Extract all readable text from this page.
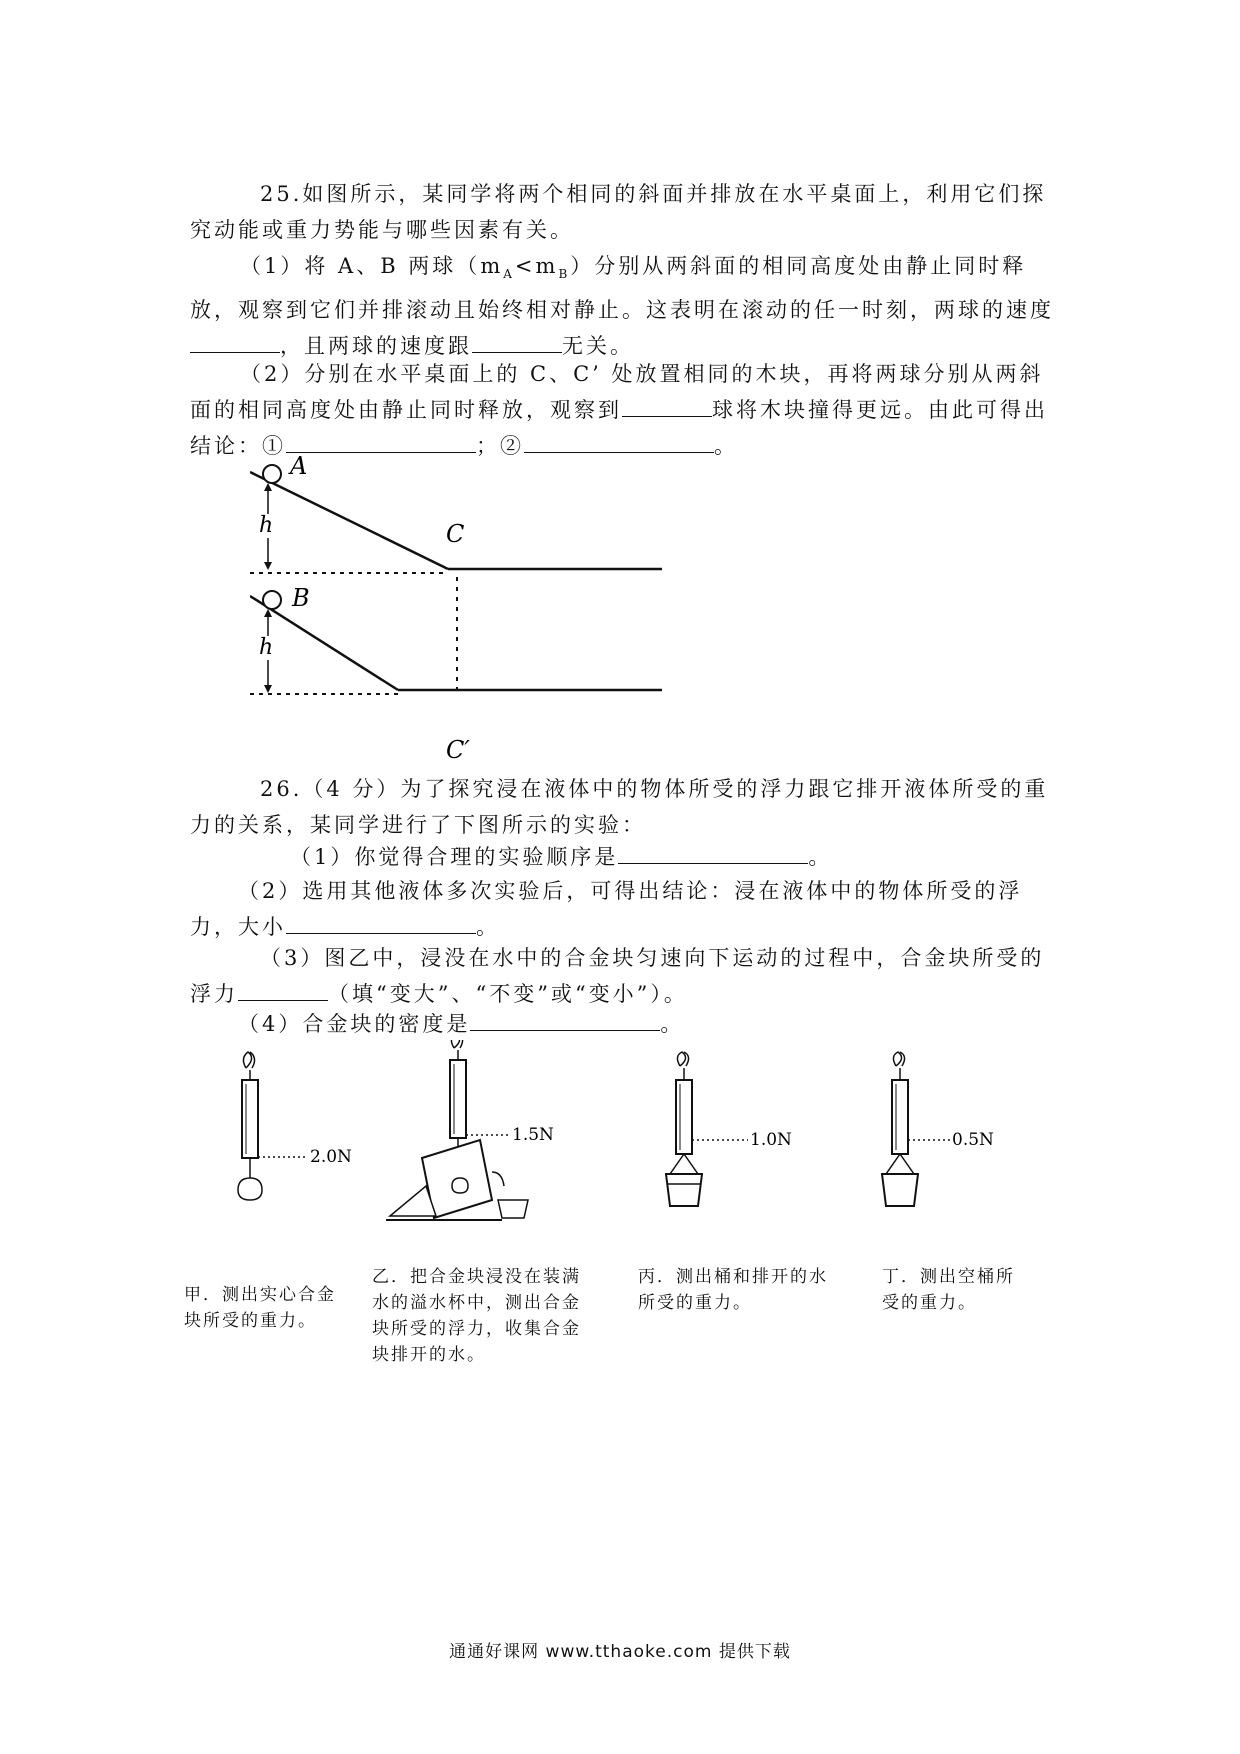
25.如图所示，某同学将两个相同的斜面并排放在水平桌面上，利用它们探究动能或重力势能与哪些因素有关。
（1）将 A、B 两球$(m_A<m_B)$分别从两斜面的相同高度处由静止同时释放，观察到它们并排滚动且始终相对静止。这表明在滚动的任一时刻，两球的速度，且两球的速度跟	无关。
（2）分别在水平桌面上的 C、C’ 处放置相同的木块，再将两球分别从两斜面的相同高度处由静止同时释放，观察到	球将木块撞得更远。由此可得出结论：①	；②	。
A
h	C
B
h
C′
26.（4 分）为了探究浸在液体中的物体所受的浮力跟它排开液体所受的重力的关系，某同学进行了下图所示的实验：
（1）你觉得合理的实验顺序是	。
（2）选用其他液体多次实验后，可得出结论：浸在液体中的物体所受的浮力，大小	。
（3）图乙中，浸没在水中的合金块匀速向下运动的过程中，合金块所受的浮力	（填“变大”、“不变”或“变小”）。
（4）合金块的密度是	。
2.0N
1.5N	1.0N	0.5N
甲．测出实心合金块所受的重力。
乙．把合金块浸没在装满水的溢水杯中，测出合金块所受的浮力，收集合金块排开的水。
丙．测出桶和排开的水所受的重力。
丁．测出空桶所受的重力。
通通好课网 www.tthaoke.com 提供下载
